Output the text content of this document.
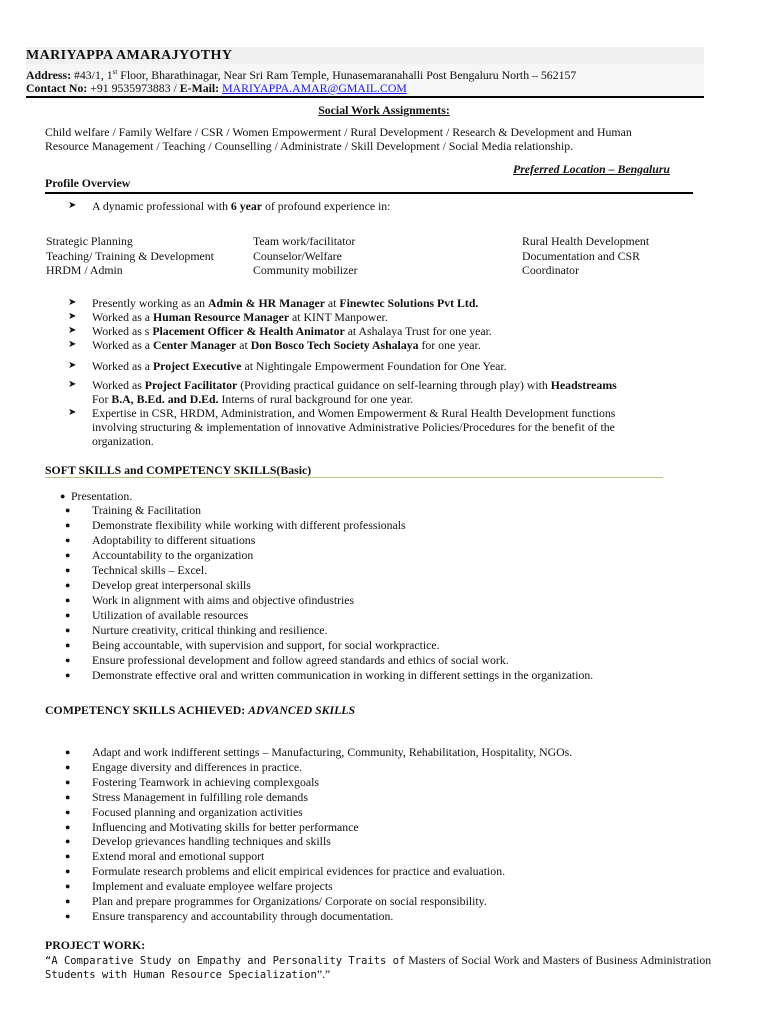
MARIYAPPA AMARAJYOTHY
Address: #43/1, 1st Floor, Bharathinagar, Near Sri Ram Temple, Hunasemaranahalli Post Bengaluru North – 562157
Contact No: +91 9535973883 / E-Mail: MARIYAPPA.AMAR@GMAIL.COM
Social Work Assignments:
Child welfare / Family Welfare / CSR / Women Empowerment / Rural Development / Research & Development and Human
Resource Management / Teaching / Counselling / Administrate / Skill Development / Social Media relationship.
Preferred Location – Bengaluru
Profile Overview
➤ A dynamic professional with 6 year of profound experience in:
Strategic Planning	Team work/facilitator	Rural Health Development
Teaching/ Training & Development	Counselor/Welfare	Documentation and CSR
HRDM / Admin	Community mobilizer	Coordinator
➤ Presently working as an Admin & HR Manager at Finewtec Solutions Pvt Ltd.
➤ Worked as a Human Resource Manager at KINT Manpower.
➤ Worked as s Placement Officer & Health Animator at Ashalaya Trust for one year.
➤ Worked as a Center Manager at Don Bosco Tech Society Ashalaya for one year.
➤ Worked as a Project Executive at Nightingale Empowerment Foundation for One Year.
➤ Worked as Project Facilitator (Providing practical guidance on self-learning through play) with Headstreams
For B.A, B.Ed. and D.Ed. Interns of rural background for one year.
➤ Expertise in CSR, HRDM, Administration, and Women Empowerment & Rural Health Development functions
involving structuring & implementation of innovative Administrative Policies/Procedures for the benefit of the
organization.
SOFT SKILLS and COMPETENCY SKILLS(Basic)
● Presentation.
● Training & Facilitation
● Demonstrate flexibility while working with different professionals
● Adoptability to different situations
● Accountability to the organization
● Technical skills – Excel.
● Develop great interpersonal skills
● Work in alignment with aims and objective ofindustries
● Utilization of available resources
● Nurture creativity, critical thinking and resilience.
● Being accountable, with supervision and support, for social workpractice.
● Ensure professional development and follow agreed standards and ethics of social work.
● Demonstrate effective oral and written communication in working in different settings in the organization.
COMPETENCY SKILLS ACHIEVED: ADVANCED SKILLS
● Adapt and work indifferent settings – Manufacturing, Community, Rehabilitation, Hospitality, NGOs.
● Engage diversity and differences in practice.
● Fostering Teamwork in achieving complexgoals
● Stress Management in fulfilling role demands
● Focused planning and organization activities
● Influencing and Motivating skills for better performance
● Develop grievances handling techniques and skills
● Extend moral and emotional support
● Formulate research problems and elicit empirical evidences for practice and evaluation.
● Implement and evaluate employee welfare projects
● Plan and prepare programmes for Organizations/ Corporate on social responsibility.
● Ensure transparency and accountability through documentation.
PROJECT WORK:
“A Comparative Study on Empathy and Personality Traits of Masters of Social Work and Masters of Business Administration
Students with Human Resource Specialization”.”
